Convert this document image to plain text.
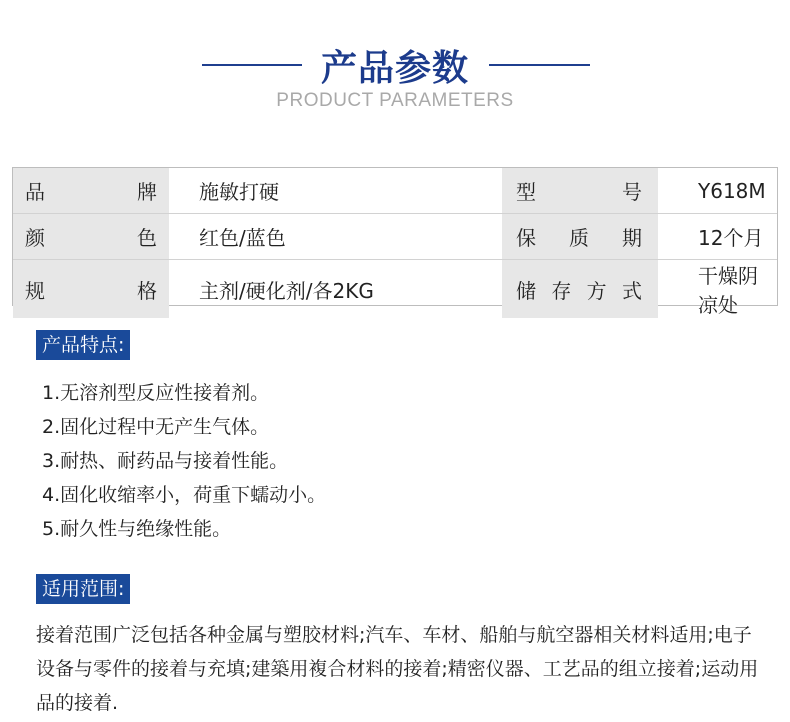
产品参数
PRODUCT PARAMETERS
品 牌	施敏打硬	型 号	Y618M

颜 色	红色/蓝色	保 质 期	12个月

规 格	主剂/硬化剂/各2KG	储 存 方 式	干燥阴凉处
产品特点:
1.无溶剂型反应性接着剂。
2.固化过程中无产生气体。
3.耐热、耐药品与接着性能。
4.固化收缩率小，荷重下蠕动小。
5.耐久性与绝缘性能。
适用范围:
接着范围广泛包括各种金属与塑胶材料;汽车、车材、船舶与航空器相关材料适用;电子设备与零件的接着与充填;建築用複合材料的接着;精密仪器、工艺品的组立接着;运动用品的接着.
